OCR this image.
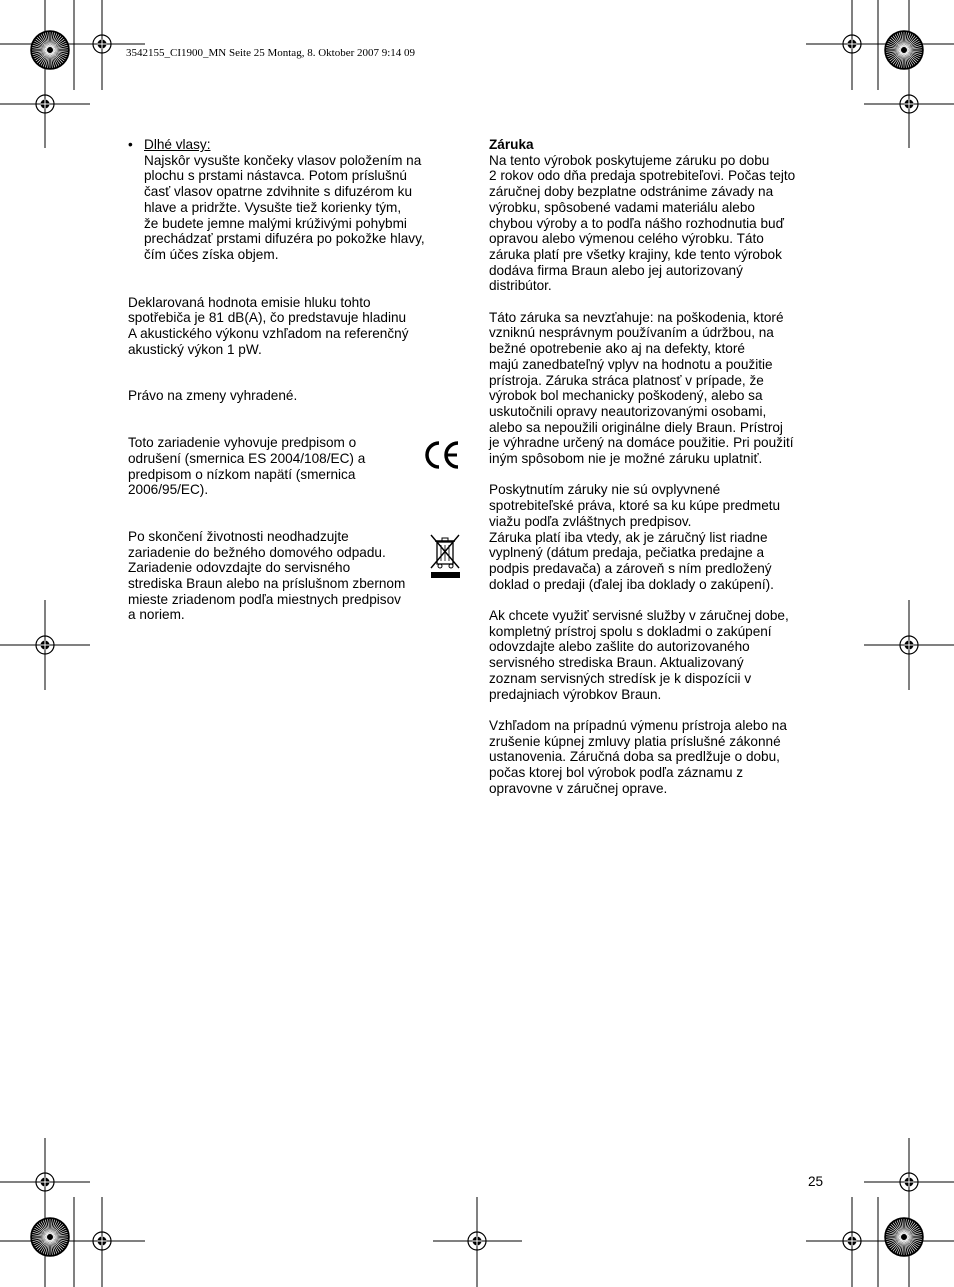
3542155_CI1900_MN Seite 25 Montag, 8. Oktober 2007 9:14 09
• Dlhé vlasy:

Najskôr vysušte končeky vlasov položením na
plochu s prstami nástavca. Potom príslušnú
časť vlasov opatrne zdvihnite s difuzérom ku
hlave a pridržte. Vysušte tiež korienky tým,
že budete jemne malými krúživými pohybmi
prechádzať prstami difuzéra po pokožke hlavy,
čím účes získa objem.

Deklarovaná hodnota emisie hluku tohto
spotřebiča je 81 dB(A), čo predstavuje hladinu
A akustického výkonu vzhľadom na referenčný
akustický výkon 1 pW.

Právo na zmeny vyhradené.

Toto zariadenie vyhovuje predpisom o
odrušení (smernica ES 2004/108/EC) a
predpisom o nízkom napätí (smernica
2006/95/EC).

Po skončení životnosti neodhadzujte
zariadenie do bežného domového odpadu.
Zariadenie odovzdajte do servisného
strediska Braun alebo na príslušnom zbernom
mieste zriadenom podľa miestnych predpisov
a noriem.

Záruka

Na tento výrobok poskytujeme záruku po dobu
2 rokov odo dňa predaja spotrebiteľovi. Počas tejto
záručnej doby bezplatne odstránime závady na
výrobku, spôsobené vadami materiálu alebo
chybou výroby a to podľa nášho rozhodnutia buď
opravou alebo výmenou celého výrobku. Táto
záruka platí pre všetky krajiny, kde tento výrobok
dodáva firma Braun alebo jej autorizovaný
distribútor.

Táto záruka sa nevzťahuje: na poškodenia, ktoré
vzniknú nesprávnym používaním a údržbou, na
bežné opotrebenie ako aj na defekty, ktoré
majú zanedbateľný vplyv na hodnotu a použitie
prístroja. Záruka stráca platnosť v prípade, že
výrobok bol mechanicky poškodený, alebo sa
uskutočnili opravy neautorizovanými osobami,
alebo sa nepoužili originálne diely Braun. Prístroj
je výhradne určený na domáce použitie. Pri použití
iným spôsobom nie je možné záruku uplatniť.

Poskytnutím záruky nie sú ovplyvnené
spotrebiteľské práva, ktoré sa ku kúpe predmetu
viažu podľa zvláštnych predpisov.
Záruka platí iba vtedy, ak je záručný list riadne
vyplnený (dátum predaja, pečiatka predajne a
podpis predavača) a zároveň s ním predložený
doklad o predaji (ďalej iba doklady o zakúpení).

Ak chcete využiť servisné služby v záručnej dobe,
kompletný prístroj spolu s dokladmi o zakúpení
odovzdajte alebo zašlite do autorizovaného
servisného strediska Braun. Aktualizovaný
zoznam servisných stredísk je k dispozícii v
predajniach výrobkov Braun.

Vzhľadom na prípadnú výmenu prístroja alebo na
zrušenie kúpnej zmluvy platia príslušné zákonné
ustanovenia. Záručná doba sa predlžuje o dobu,
počas ktorej bol výrobok podľa záznamu z
opravovne v záručnej oprave.

25
